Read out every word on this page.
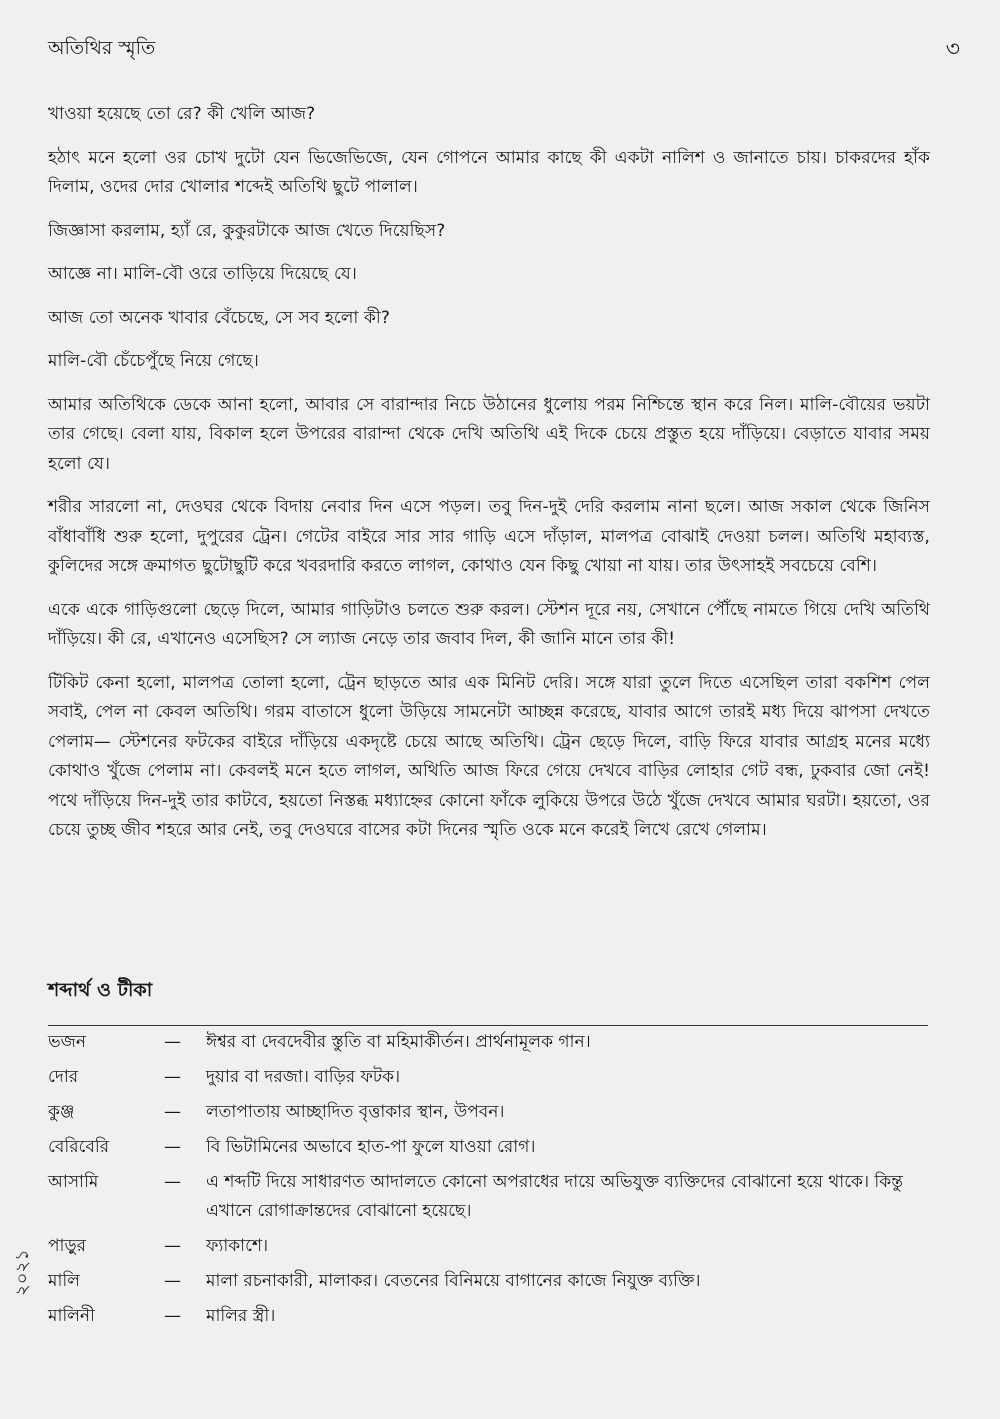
অতিথির স্মৃতি	৩

খাওয়া হয়েছে তো রে? কী খেলি আজ?

হঠাৎ মনে হলো ওর চোখ দুটো যেন ভিজেভিজে, যেন গোপনে আমার কাছে কী একটা নালিশ ও জানাতে চায়। চাকরদের হাঁক দিলাম, ওদের দোর খোলার শব্দেই অতিথি ছুটে পালাল।

জিজ্ঞাসা করলাম, হ্যাঁ রে, কুকুরটাকে আজ খেতে দিয়েছিস?

আজ্ঞে না। মালি-বৌ ওরে তাড়িয়ে দিয়েছে যে।

আজ তো অনেক খাবার বেঁচেছে, সে সব হলো কী?

মালি-বৌ চেঁচেপুঁছে নিয়ে গেছে।

আমার অতিথিকে ডেকে আনা হলো, আবার সে বারান্দার নিচে উঠানের ধুলোয় পরম নিশ্চিন্তে স্থান করে নিল। মালি-বৌয়ের ভয়টা তার গেছে। বেলা যায়, বিকাল হলে উপরের বারান্দা থেকে দেখি অতিথি এই দিকে চেয়ে প্রস্তুত হয়ে দাঁড়িয়ে। বেড়াতে যাবার সময় হলো যে।

শরীর সারলো না, দেওঘর থেকে বিদায় নেবার দিন এসে পড়ল। তবু দিন-দুই দেরি করলাম নানা ছলে। আজ সকাল থেকে জিনিস বাঁধাবাঁধি শুরু হলো, দুপুরের ট্রেন। গেটের বাইরে সার সার গাড়ি এসে দাঁড়াল, মালপত্র বোঝাই দেওয়া চলল। অতিথি মহাব্যস্ত, কুলিদের সঙ্গে ক্রমাগত ছুটোছুটি করে খবরদারি করতে লাগল, কোথাও যেন কিছু খোয়া না যায়। তার উৎসাহই সবচেয়ে বেশি।

একে একে গাড়িগুলো ছেড়ে দিলে, আমার গাড়িটাও চলতে শুরু করল। স্টেশন দূরে নয়, সেখানে পৌঁছে নামতে গিয়ে দেখি অতিথি দাঁড়িয়ে। কী রে, এখানেও এসেছিস? সে ল্যাজ নেড়ে তার জবাব দিল, কী জানি মানে তার কী!

টিকিট কেনা হলো, মালপত্র তোলা হলো, ট্রেন ছাড়তে আর এক মিনিট দেরি। সঙ্গে যারা তুলে দিতে এসেছিল তারা বকশিশ পেল সবাই, পেল না কেবল অতিথি। গরম বাতাসে ধুলো উড়িয়ে সামনেটা আচ্ছন্ন করেছে, যাবার আগে তারই মধ্য দিয়ে ঝাপসা দেখতে পেলাম— স্টেশনের ফটকের বাইরে দাঁড়িয়ে একদৃষ্টে চেয়ে আছে অতিথি। ট্রেন ছেড়ে দিলে, বাড়ি ফিরে যাবার আগ্রহ মনের মধ্যে কোথাও খুঁজে পেলাম না। কেবলই মনে হতে লাগল, অথিতি আজ ফিরে গেয়ে দেখবে বাড়ির লোহার গেট বন্ধ, ঢুকবার জো নেই! পথে দাঁড়িয়ে দিন-দুই তার কাটবে, হয়তো নিস্তব্ধ মধ্যাহ্নের কোনো ফাঁকে লুকিয়ে উপরে উঠে খুঁজে দেখবে আমার ঘরটা। হয়তো, ওর চেয়ে তুচ্ছ জীব শহরে আর নেই, তবু দেওঘরে বাসের কটা দিনের স্মৃতি ওকে মনে করেই লিখে রেখে গেলাম।

শব্দার্থ ও টীকা
ভজন	—	ঈশ্বর বা দেবদেবীর স্তুতি বা মহিমাকীর্তন। প্রার্থনামূলক গান।
দোর	—	দুয়ার বা দরজা। বাড়ির ফটক।
কুঞ্জ	—	লতাপাতায় আচ্ছাদিত বৃত্তাকার স্থান, উপবন।
বেরিবেরি	—	বি ভিটামিনের অভাবে হাত-পা ফুলে যাওয়া রোগ।
আসামি	—	এ শব্দটি দিয়ে সাধারণত আদালতে কোনো অপরাধের দায়ে অভিযুক্ত ব্যক্তিদের বোঝানো হয়ে থাকে। কিন্তু এখানে রোগাক্রান্তদের বোঝানো হয়েছে।
পাড়ুর	—	ফ্যাকাশে।
মালি	—	মালা রচনাকারী, মালাকর। বেতনের বিনিময়ে বাগানের কাজে নিযুক্ত ব্যক্তি।
মালিনী	—	মালির স্ত্রী।
২০২১
